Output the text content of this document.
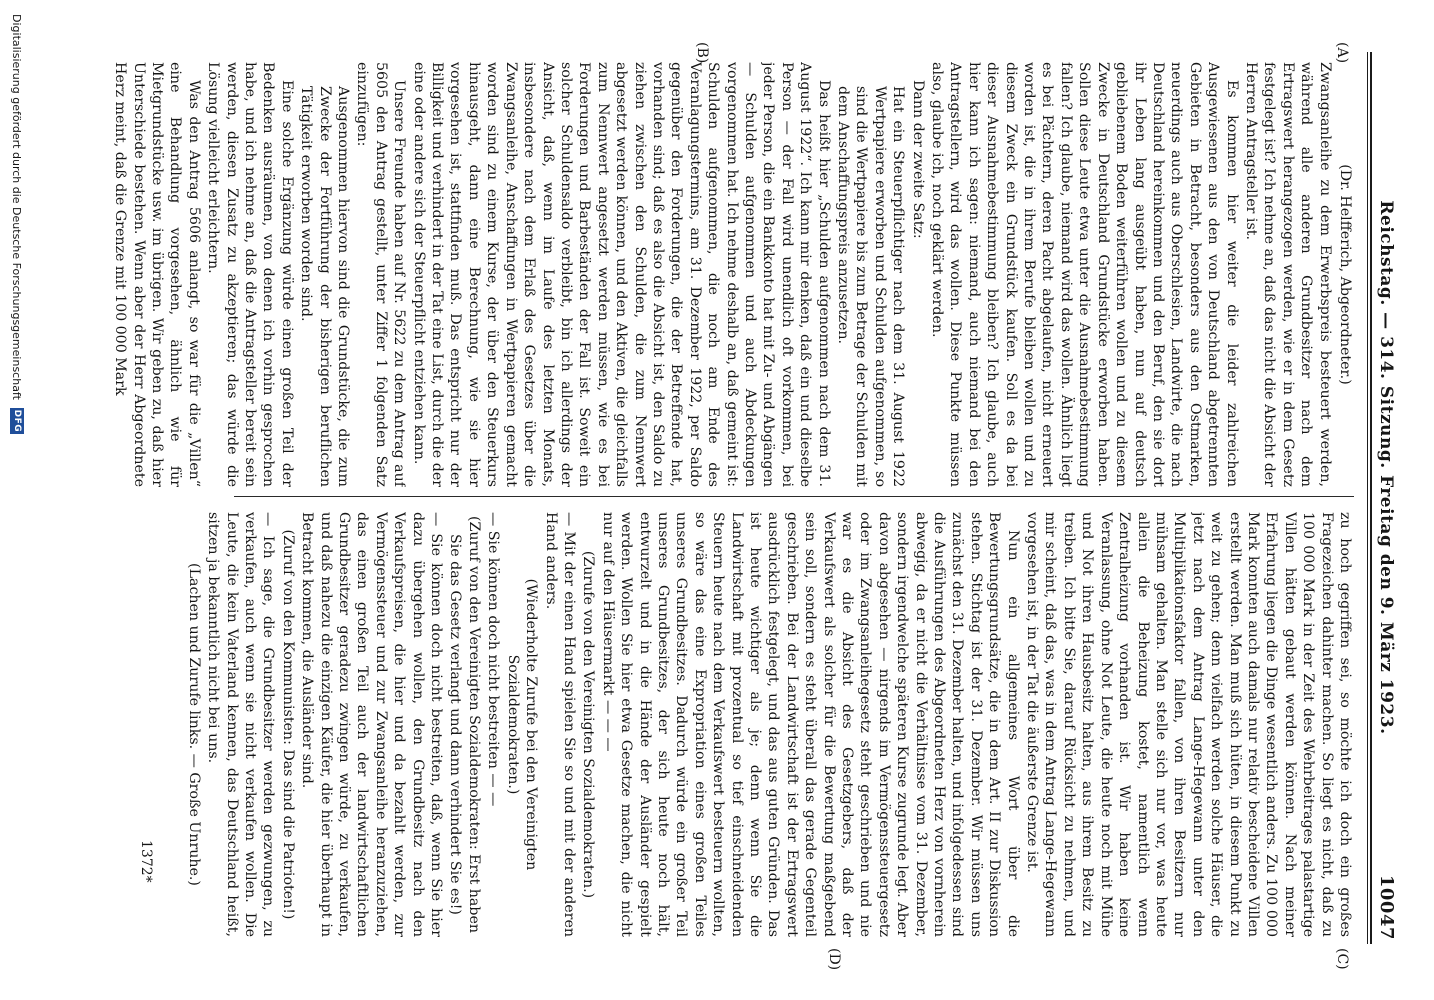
Reichstag. — 314. Sitzung. Freitag den 9. März 1923.
10047
(A)
(B)
(C)
(D)

(Dr. Helfferich, Abgeordneter.)

Zwangsanleihe zu dem Erwerbspreis besteuert werden, während alle anderen Grundbesitzer nach dem Ertragswert herangezogen werden, wie er in dem Gesetz festgelegt ist? Ich nehme an, daß das nicht die Absicht der Herren Antragsteller ist.

Es kommen hier weiter die leider zahlreichen Ausgewiesenen aus den von Deutschland abgetrennten Gebieten in Betracht, besonders aus den Ostmarken, neuerdings auch aus Oberschlesien, Landwirte, die nach Deutschland hereinkommen und den Beruf, den sie dort ihr Leben lang ausgeübt haben, nun auf deutsch gebliebenem Boden weiterführen wollen und zu diesem Zwecke in Deutschland Grundstücke erworben haben. Sollen diese Leute etwa unter die Ausnahmebestimmung fallen? Ich glaube, niemand wird das wollen. Ähnlich liegt es bei Pächtern, deren Pacht abgelaufen, nicht erneuert worden ist, die in ihrem Berufe bleiben wollen und zu diesem Zweck ein Grundstück kaufen. Soll es da bei dieser Ausnahmebestimmung bleiben? Ich glaube, auch hier kann ich sagen: niemand, auch niemand bei den Antragstellern, wird das wollen. Diese Punkte müssen also, glaube ich, noch geklärt werden.

Dann der zweite Satz:

Hat ein Steuerpflichtiger nach dem 31. August 1922 Wertpapiere erworben und Schulden aufgenommen, so sind die Wertpapiere bis zum Betrage der Schulden mit dem Anschaffungspreis anzusetzen.

Das heißt hier „Schulden aufgenommen nach dem 31. August 1922“. Ich kann mir denken, daß ein und dieselbe Person — der Fall wird unendlich oft vorkommen, bei jeder Person, die ein Bankkonto hat mit Zu- und Abgängen — Schulden aufgenommen und auch Abdeckungen vorgenommen hat. Ich nehme deshalb an, daß gemeint ist: Schulden aufgenommen, die noch am Ende des Veranlagungstermins, am 31. Dezember 1922, per Saldo gegenüber den Forderungen, die der Betreffende hat, vorhanden sind; daß es also die Absicht ist, den Saldo zu ziehen zwischen den Schulden, die zum Nennwert abgesetzt werden können, und den Aktiven, die gleichfalls zum Nennwert angesetzt werden müssen, wie es bei Forderungen und Barbeständen der Fall ist. Soweit ein solcher Schuldensaldo verbleibt, bin ich allerdings der Ansicht, daß, wenn im Laufe des letzten Monats, insbesondere nach dem Erlaß des Gesetzes über die Zwangsanleihe, Anschaffungen in Wertpapieren gemacht worden sind zu einem Kurse, der über den Steuerkurs hinausgeht, dann eine Berechnung, wie sie hier vorgesehen ist, stattfinden muß. Das entspricht nur der Billigkeit und verhindert in der Tat eine List, durch die der eine oder andere sich der Steuerpflicht entziehen kann.

Unsere Freunde haben auf Nr. 5622 zu dem Antrag auf 5605 den Antrag gestellt, unter Ziffer 1 folgenden Satz einzufügen:

Ausgenommen hiervon sind die Grundstücke, die zum Zwecke der Fortführung der bisherigen beruflichen Tätigkeit erworben worden sind.

Eine solche Ergänzung würde einen großen Teil der Bedenken ausräumen, von denen ich vorhin gesprochen habe, und ich nehme an, daß die Antragsteller bereit sein werden, diesen Zusatz zu akzeptieren; das würde die Lösung vielleicht erleichtern.

Was den Antrag 5606 anlangt, so war für die „Villen“ eine Behandlung vorgesehen, ähnlich wie für Mietgrundstücke usw. im übrigen. Wir geben zu, daß hier Unterschiede bestehen. Wenn aber der Herr Abgeordnete Herz meint, daß die Grenze mit 100 000 Mark

zu hoch gegriffen sei, so möchte ich doch ein großes Fragezeichen dahinter machen. So liegt es nicht, daß zu 100 000 Mark in der Zeit des Wehrbeitrages palastartige Villen hätten gebaut werden können. Nach meiner Erfahrung liegen die Dinge wesentlich anders. Zu 100 000 Mark konnten auch damals nur relativ bescheidene Villen erstellt werden. Man muß sich hüten, in diesem Punkt zu weit zu gehen; denn vielfach werden solche Häuser, die jetzt nach dem Antrag Lange-Hegewann unter den Multiplikationsfaktor fallen, von ihren Besitzern nur mühsam gehalten. Man stelle sich nur vor, was heute allein die Beheizung kostet, namentlich wenn Zentralheizung vorhanden ist. Wir haben keine Veranlassung, ohne Not Leute, die heute noch mit Mühe und Not ihren Hausbesitz halten, aus ihrem Besitz zu treiben. Ich bitte Sie, darauf Rücksicht zu nehmen, und mir scheint, daß das, was in dem Antrag Lange-Hegewann vorgesehen ist, in der Tat die äußerste Grenze ist.

Nun ein allgemeines Wort über die Bewertungsgrundsätze, die in dem Art. II zur Diskussion stehen. Stichtag ist der 31. Dezember. Wir müssen uns zunächst den 31. Dezember halten, und infolgedessen sind die Ausführungen des Abgeordneten Herz von vornherein abwegig, da er nicht die Verhältnisse vom 31. Dezember, sondern irgendwelche späteren Kurse zugrunde legt. Aber davon abgesehen — nirgends im Vermögenssteuergesetz oder im Zwangsanleihegesetz steht geschrieben und nie war es die Absicht des Gesetzgebers, daß der Verkaufswert als solcher für die Bewertung maßgebend sein soll, sondern es steht überall das gerade Gegenteil geschrieben. Bei der Landwirtschaft ist der Ertragswert ausdrücklich festgelegt, und das aus guten Gründen. Das ist heute wichtiger als je; denn wenn Sie die Landwirtschaft mit prozentual so tief einschneidenden Steuern heute nach dem Verkaufswert besteuern wollten, so wäre das eine Expropriation eines großen Teiles unseres Grundbesitzes. Dadurch würde ein großer Teil unseres Grundbesitzes, der sich heute noch hält, entwurzelt und in die Hände der Ausländer gespielt werden. Wollen Sie hier etwa Gesetze machen, die nicht nur auf den Häusermarkt — — —

(Zurufe von den Vereinigten Sozialdemokraten.)

— Mit der einen Hand spielen Sie so und mit der anderen Hand anders.

(Wiederholte Zurufe bei den Vereinigten Sozialdemokraten.)

— Sie können doch nicht bestreiten — —

(Zuruf von den Vereinigten Sozialdemokraten: Erst haben Sie das Gesetz verlangt und dann verhindert Sie es!)

— Sie können doch nicht bestreiten, daß, wenn Sie hier dazu übergehen wollen, den Grundbesitz nach den Verkaufspreisen, die hier und da bezahlt werden, zur Vermögenssteuer und zur Zwangsanleihe heranzuziehen, das einen großen Teil auch der landwirtschaftlichen Grundbesitzer geradezu zwingen würde, zu verkaufen, und daß nahezu die einzigen Käufer, die hier überhaupt in Betracht kommen, die Ausländer sind.

(Zuruf von den Kommunisten: Das sind die Patrioten!)

— Ich sage, die Grundbesitzer werden gezwungen, zu verkaufen, auch wenn sie nicht verkaufen wollen. Die Leute, die kein Vaterland kennen, das Deutschland heißt, sitzen ja bekanntlich nicht bei uns.

(Lachen und Zurufe links. — Große Unruhe.)

1372*
Digitalisierung gefördert durch die Deutsche Forschungsgemeinschaft
DFG
